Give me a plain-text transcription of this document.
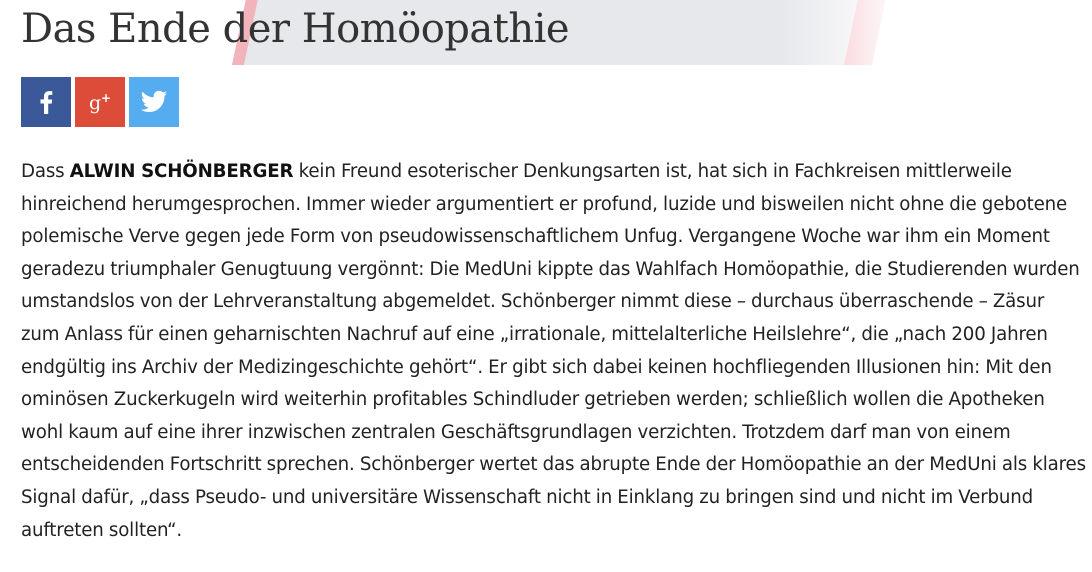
Das Ende der Homöopathie
g +

Dass ALWIN SCHÖNBERGER kein Freund esoterischer Denkungsarten ist, hat sich in Fachkreisen mittlerweile hinreichend herumgesprochen. Immer wieder argumentiert er profund, luzide und bisweilen nicht ohne die gebotene polemische Verve gegen jede Form von pseudowissenschaftlichem Unfug. Vergangene Woche war ihm ein Moment geradezu triumphaler Genugtuung vergönnt: Die MedUni kippte das Wahlfach Homöopathie, die Studierenden wurden umstandslos von der Lehrveranstaltung abgemeldet. Schönberger nimmt diese – durchaus überraschende – Zäsur zum Anlass für einen geharnischten Nachruf auf eine „irrationale, mittelalterliche Heilslehre“, die „nach 200 Jahren endgültig ins Archiv der Medizingeschichte gehört“. Er gibt sich dabei keinen hochfliegenden Illusionen hin: Mit den ominösen Zuckerkugeln wird weiterhin profitables Schindluder getrieben werden; schließlich wollen die Apotheken wohl kaum auf eine ihrer inzwischen zentralen Geschäftsgrundlagen verzichten. Trotzdem darf man von einem entscheidenden Fortschritt sprechen. Schönberger wertet das abrupte Ende der Homöopathie an der MedUni als klares Signal dafür, „dass Pseudo- und universitäre Wissenschaft nicht in Einklang zu bringen sind und nicht im Verbund auftreten sollten“.
